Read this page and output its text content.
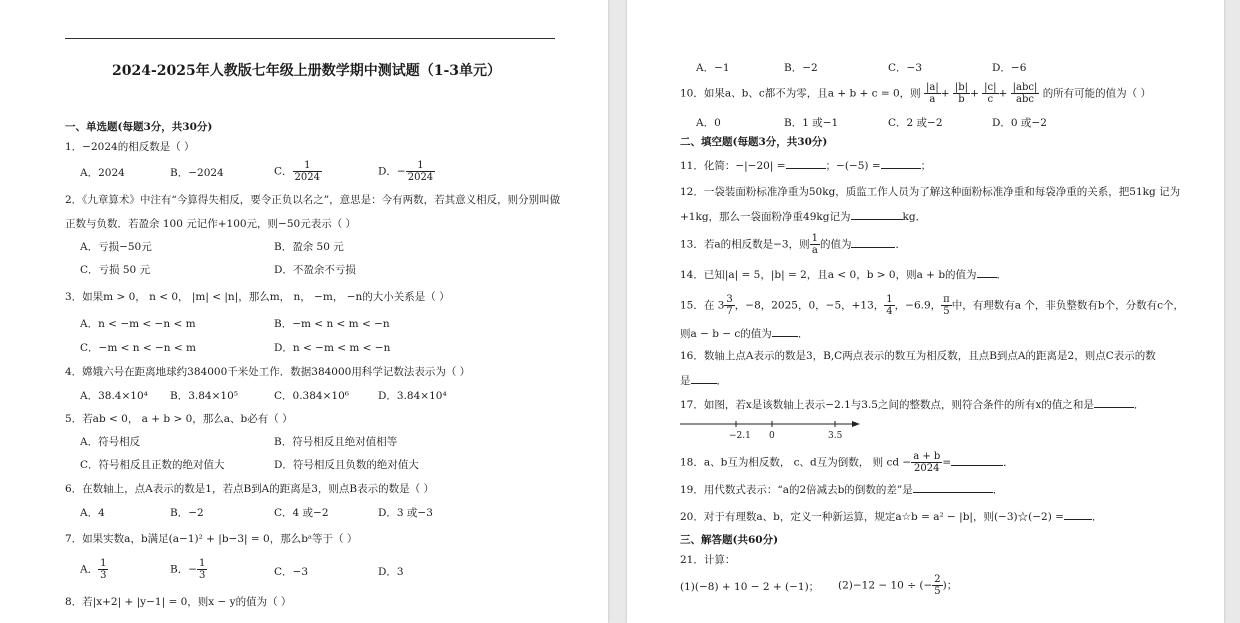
2024-2025年人教版七年级上册数学期中测试题（1-3单元）
一、单选题(每题3分，共30分)
1．−2024的相反数是（ ）
A．2024	B．−2024	C． $\frac{1}{2024}$	D．− $\frac{1}{2024}$
2．《九章算术》中注有“今算得失相反，要令正负以名之”，意思是：今有两数，若其意义相反，则分别叫做
正数与负数．若盈余 100 元记作+100元，则−50元表示（ ）
A．亏损−50元	B．盈余 50 元
C．亏损 50 元	D．不盈余不亏损
3．如果m > 0， n < 0， |m| < |n|，那么m， n， −m， −n的大小关系是（ ）
A．n < −m < −n < m	B．−m < n < m < −n
C．−m < n < −n < m	D．n < −m < m < −n
4．嫦娥六号在距离地球约384000千米处工作．数据384000用科学记数法表示为（ ）
A．38.4×10⁴ B．3.84×10⁵	C．0.384×10⁶	D．3.84×10⁴
5．若ab < 0， a + b > 0，那么a、b必有（ ）
A．符号相反	B．符号相反且绝对值相等
C．符号相反且正数的绝对值大	D．符号相反且负数的绝对值大
6．在数轴上，点A表示的数是1，若点B到A的距离是3，则点B表示的数是（ ）
A．4	B．−2	C．4 或−2	D．3 或−3
7．如果实数a，b满足(a−1)² + |b−3| = 0，那么bᵃ等于（ ）
A． $\frac{1}{3}$	B．− $\frac{1}{3}$	C．−3	D．3
8．若|x+2| + |y−1| = 0，则x − y的值为（ ）
A．−1	B．−2	C．−3	D．−6
10．如果a、b、c都不为零，且a + b + c = 0，则 $\frac{|a|}{a} + \frac{|b|}{b} + \frac{|c|}{c} + \frac{\text{|abc|}}{\text{abc}}$ 的所有可能的值为（ ）
A．0	B．1 或−1	C．2 或−2	D．0 或−2
二、填空题(每题3分，共30分)
11．化简：−|−20| =	；−(−5) =	；
12．一袋装面粉标准净重为50kg，质监工作人员为了解这种面粉标准净重和每袋净重的关系，把51kg 记为
+1kg，那么一袋面粉净重49kg记为	kg．
13．若a的相反数是−3，则 $\frac{1}{a}$ 的值为	．
14．已知|a| = 5，|b| = 2，且a < 0，b > 0，则a + b的值为 ．
15．在 $3 \frac{3}{7}$ ，−8，2025，0，−5，+13， $\frac{1}{4}$ ，−6.9， $\frac{\pi}{5}$ 中，有理数有a 个，非负整数有b个，分数有c个，
则a − b − c的值为 ．
16．数轴上点A表示的数是3，B,C两点表示的数互为相反数，且点B到点A的距离是2，则点C表示的数
是 ．
17．如图，若x是该数轴上表示−2.1与3.5之间的整数点，则符合条件的所有x的值之和是	．
−2.1 0	3.5
18．a、b互为相反数， c、d互为倒数， 则 cd − $\frac{a + b}{2024}$ =	．
19．用代数式表示：“a的2倍减去b的倒数的差”是	．
20．对于有理数a、b，定义一种新运算，规定a☆b = a² − |b|，则(−3)☆(−2) =	．
三、解答题(共60分)
21．计算：
(1)(−8) + 10 − 2 + (−1)； (2)−12 − 10 ÷ (− $\frac{2}{5}$ )；
